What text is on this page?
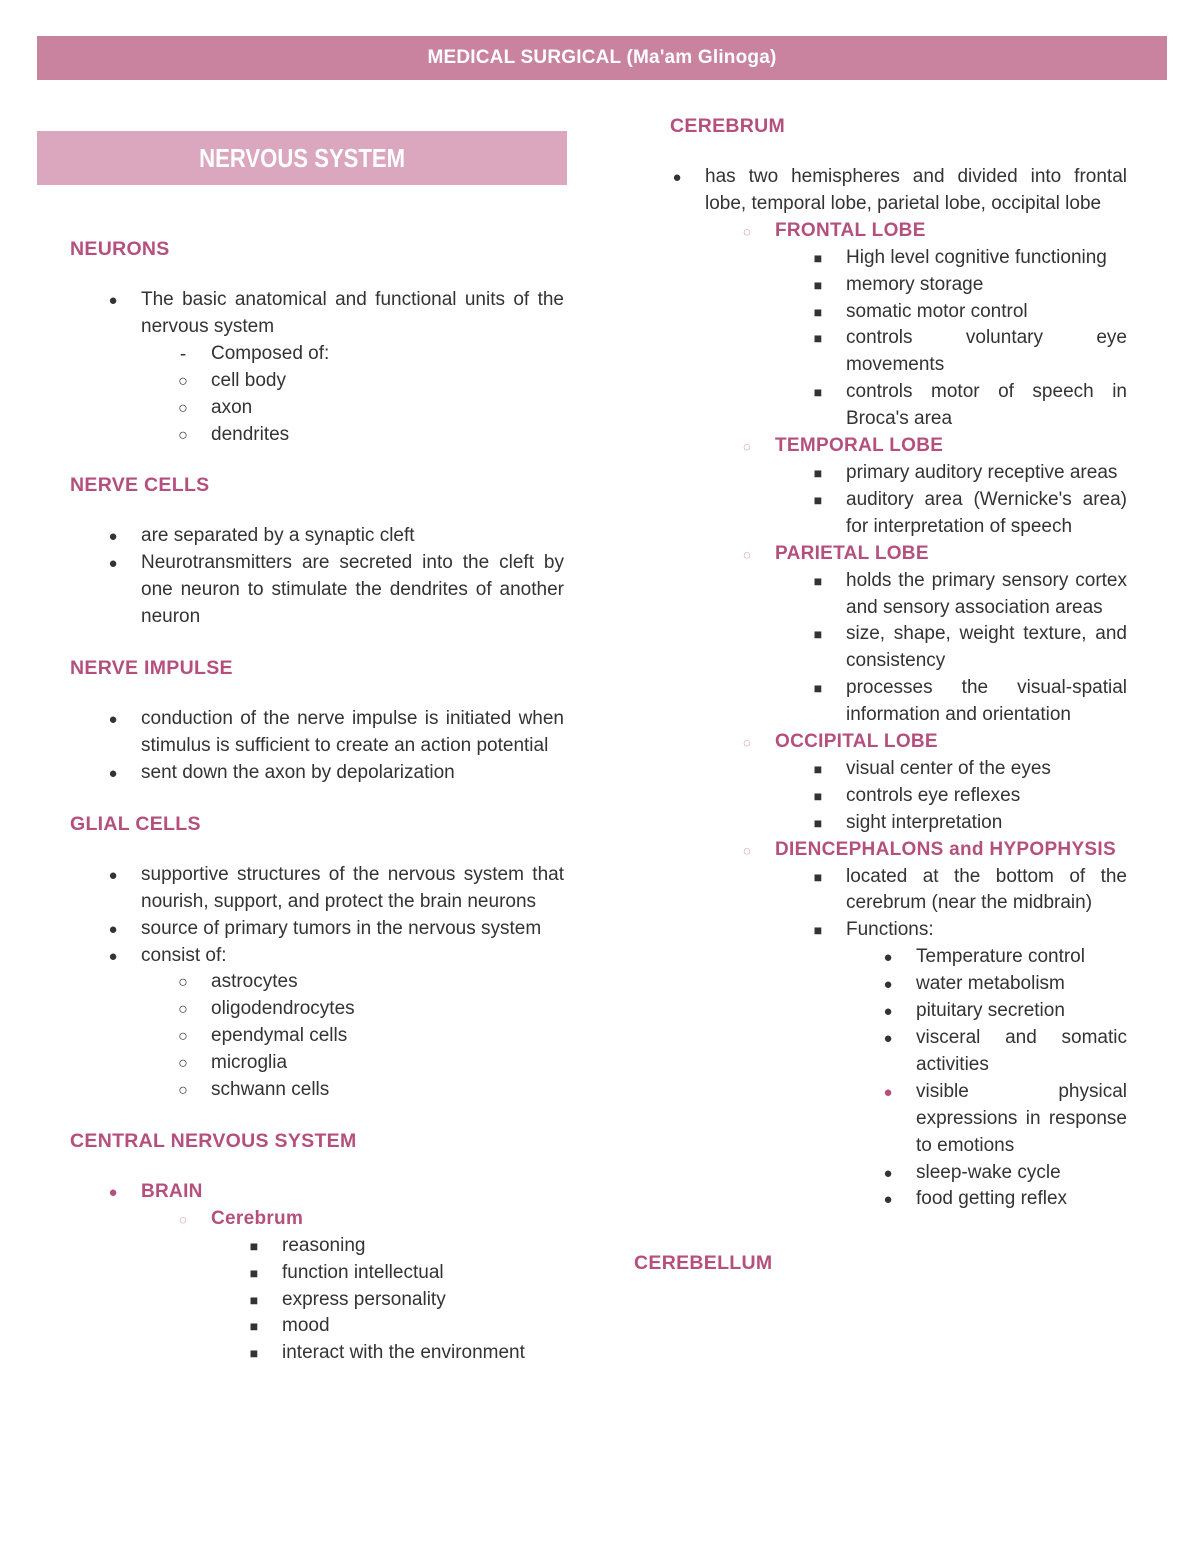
MEDICAL SURGICAL (Ma'am Glinoga)
NERVOUS SYSTEM
NEURONS
● The basic anatomical and functional units of the nervous system
- Composed of:
○ cell body
○ axon
○ dendrites
NERVE CELLS
● are separated by a synaptic cleft
● Neurotransmitters are secreted into the cleft by one neuron to stimulate the dendrites of another neuron
NERVE IMPULSE
● conduction of the nerve impulse is initiated when stimulus is sufficient to create an action potential
● sent down the axon by depolarization
GLIAL CELLS
● supportive structures of the nervous system that nourish, support, and protect the brain neurons
● source of primary tumors in the nervous system
● consist of:
○ astrocytes
○ oligodendrocytes
○ ependymal cells
○ microglia
○ schwann cells
CENTRAL NERVOUS SYSTEM
● BRAIN
◌ Cerebrum
■ reasoning
■ function intellectual
■ express personality
■ mood
■ interact with the environment
CEREBRUM
● has two hemispheres and divided into frontal lobe, temporal lobe, parietal lobe, occipital lobe
◌ FRONTAL LOBE
■ High level cognitive functioning
■ memory storage
■ somatic motor control
■ controls voluntary eye movements
■ controls motor of speech in Broca's area
◌ TEMPORAL LOBE
■ primary auditory receptive areas
■ auditory area (Wernicke's area) for interpretation of speech
◌ PARIETAL LOBE
■ holds the primary sensory cortex and sensory association areas
■ size, shape, weight texture, and consistency
■ processes the visual-spatial information and orientation
◌ OCCIPITAL LOBE
■ visual center of the eyes
■ controls eye reflexes
■ sight interpretation
◌ DIENCEPHALONS and HYPOPHYSIS
■ located at the bottom of the cerebrum (near the midbrain)
■ Functions:
● Temperature control
● water metabolism
● pituitary secretion
● visceral and somatic activities
● visible physical expressions in response to emotions
● sleep-wake cycle
● food getting reflex
CEREBELLUM
